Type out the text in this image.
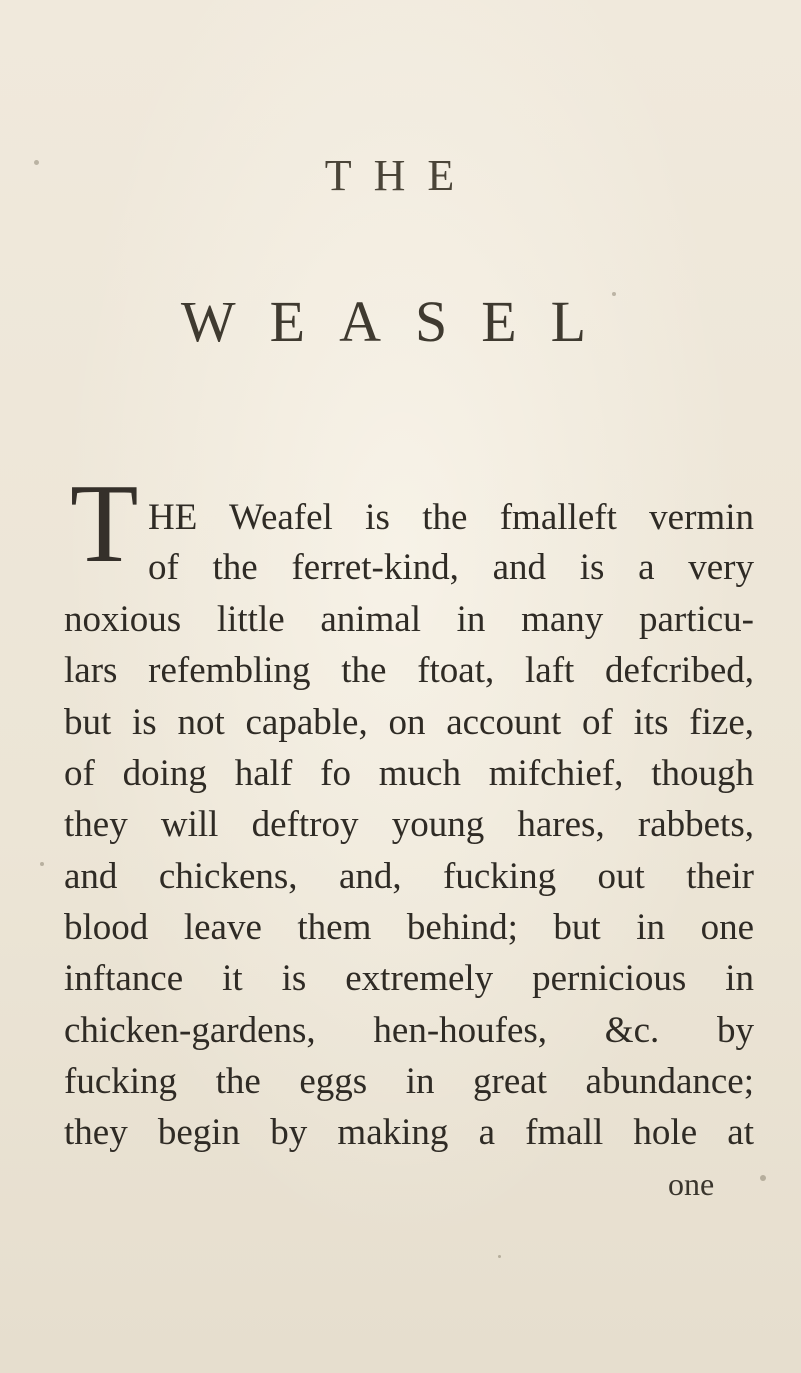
THE
WEASEL
T HE Weafel is the fmalleft vermin
of the ferret-kind, and is a very
noxious little animal in many particu-
lars refembling the ftoat, laft defcribed,
but is not capable, on account of its fize,
of doing half fo much mifchief, though
they will deftroy young hares, rabbets,
and chickens, and, fucking out their
blood leave them behind; but in one
inftance it is extremely pernicious in
chicken-gardens, hen-houfes, &c. by
fucking the eggs in great abundance;
they begin by making a fmall hole at
one
